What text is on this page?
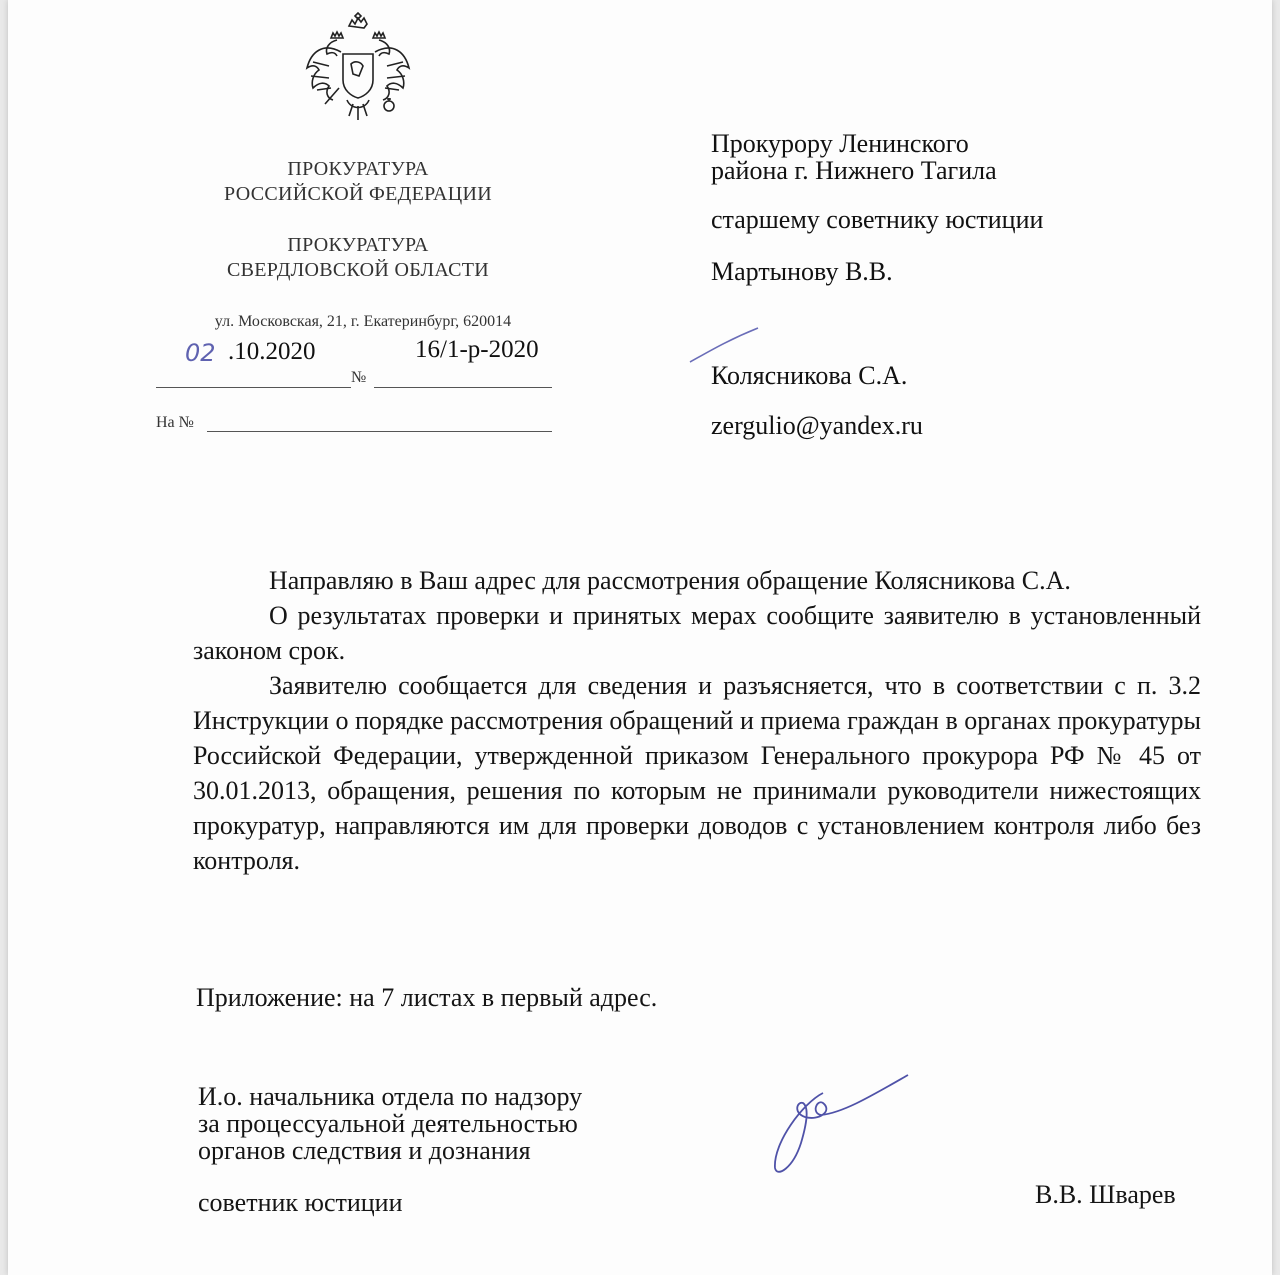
ПРОКУРАТУРА
РОССИЙСКОЙ ФЕДЕРАЦИИ
ПРОКУРАТУРА
СВЕРДЛОВСКОЙ ОБЛАСТИ
ул. Московская, 21, г. Екатеринбург, 620014
02 .10.2020
№
16/1-р-2020
На №
Прокурору Ленинского
района г. Нижнего Тагила
старшему советнику юстиции
Мартынову В.В.
Колясникова С.А.
zergulio@yandex.ru

Направляю в Ваш адрес для рассмотрения обращение Колясникова С.А.

О результатах проверки и принятых мерах сообщите заявителю в установленный законом срок.

Заявителю сообщается для сведения и разъясняется, что в соответствии с п. 3.2 Инструкции о порядке рассмотрения обращений и приема граждан в органах прокуратуры Российской Федерации, утвержденной приказом Генерального прокурора РФ № 45 от 30.01.2013, обращения, решения по которым не принимали руководители нижестоящих прокуратур, направляются им для проверки доводов с установлением контроля либо без контроля.

Приложение: на 7 листах в первый адрес.
И.о. начальника отдела по надзору
за процессуальной деятельностью
органов следствия и дознания
советник юстиции	В.В. Шварев
